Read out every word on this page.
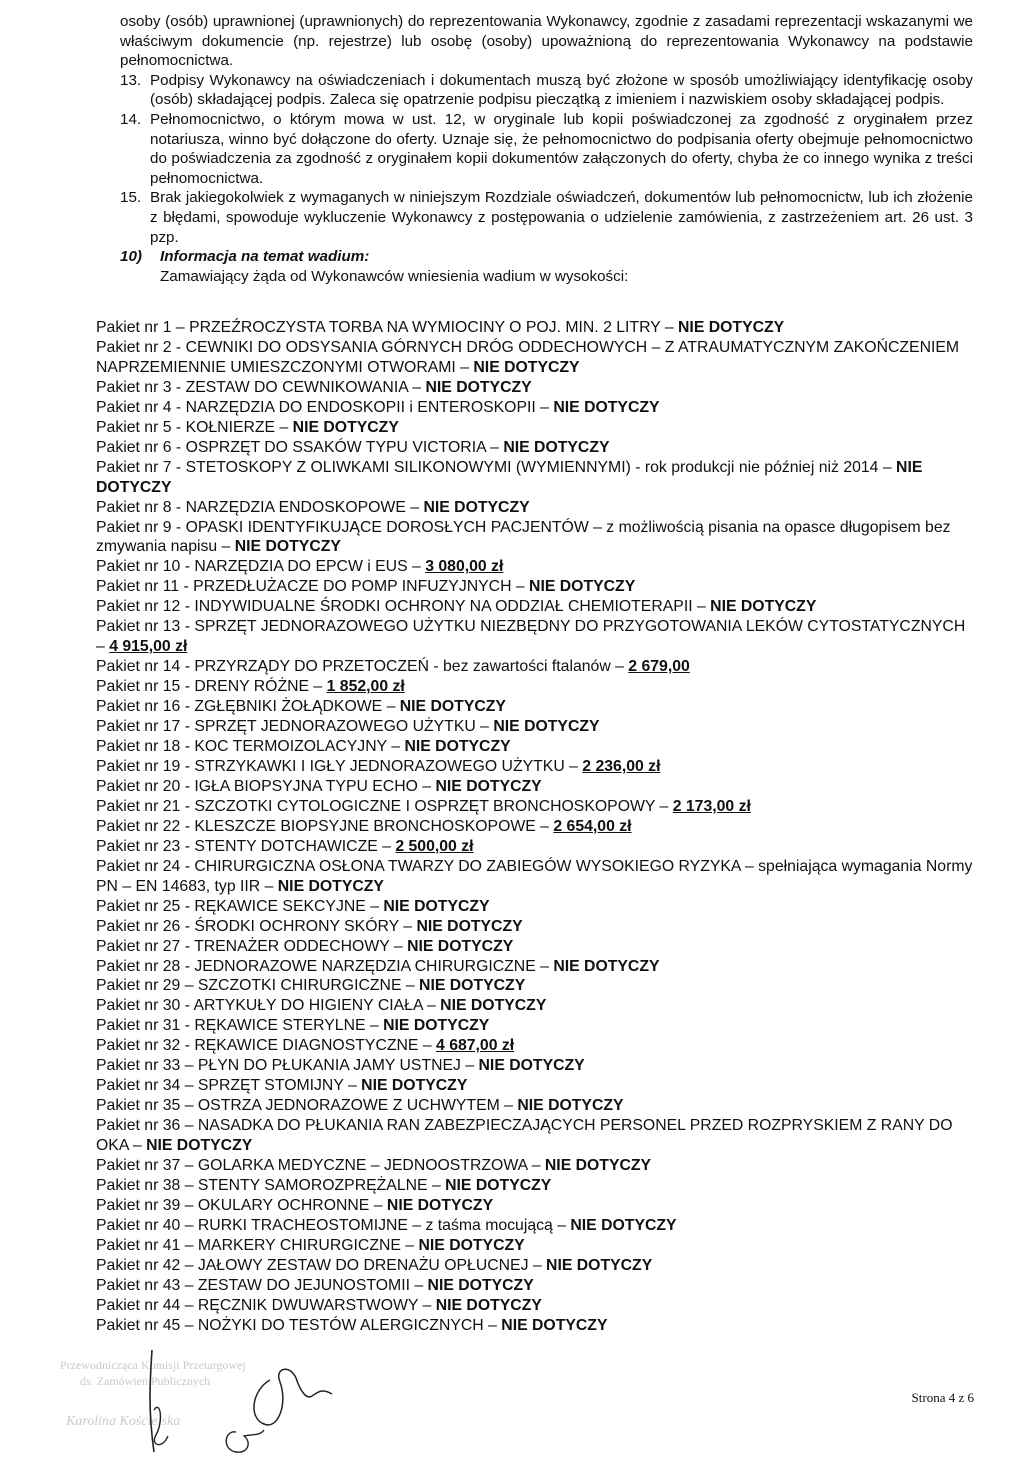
osoby (osób) uprawnionej (uprawnionych) do reprezentowania Wykonawcy, zgodnie z zasadami reprezentacji wskazanymi we właściwym dokumencie (np. rejestrze) lub osobę (osoby) upoważnioną do reprezentowania Wykonawcy na podstawie pełnomocnictwa.

13. Podpisy Wykonawcy na oświadczeniach i dokumentach muszą być złożone w sposób umożliwiający identyfikację osoby (osób) składającej podpis. Zaleca się opatrzenie podpisu pieczątką z imieniem i nazwiskiem osoby składającej podpis.
14. Pełnomocnictwo, o którym mowa w ust. 12, w oryginale lub kopii poświadczonej za zgodność z oryginałem przez notariusza, winno być dołączone do oferty. Uznaje się, że pełnomocnictwo do podpisania oferty obejmuje pełnomocnictwo do poświadczenia za zgodność z oryginałem kopii dokumentów załączonych do oferty, chyba że co innego wynika z treści pełnomocnictwa.
15. Brak jakiegokolwiek z wymaganych w niniejszym Rozdziale oświadczeń, dokumentów lub pełnomocnictw, lub ich złożenie z błędami, spowoduje wykluczenie Wykonawcy z postępowania o udzielenie zamówienia, z zastrzeżeniem art. 26 ust. 3 pzp.
10)	Informacja na temat wadium:

Zamawiający żąda od Wykonawców wniesienia wadium w wysokości:

Pakiet nr 1 – PRZEŹROCZYSTA TORBA NA WYMIOCINY O POJ. MIN. 2 LITRY – NIE DOTYCZY

Pakiet nr 2 - CEWNIKI DO ODSYSANIA GÓRNYCH DRÓG ODDECHOWYCH – Z ATRAUMATYCZNYM ZAKOŃCZENIEM NAPRZEMIENNIE UMIESZCZONYMI OTWORAMI – NIE DOTYCZY

Pakiet nr 3 - ZESTAW DO CEWNIKOWANIA – NIE DOTYCZY

Pakiet nr 4 - NARZĘDZIA DO ENDOSKOPII i ENTEROSKOPII – NIE DOTYCZY

Pakiet nr 5 - KOŁNIERZE – NIE DOTYCZY

Pakiet nr 6 - OSPRZĘT DO SSAKÓW TYPU VICTORIA – NIE DOTYCZY

Pakiet nr 7 - STETOSKOPY Z OLIWKAMI SILIKONOWYMI (WYMIENNYMI) - rok produkcji nie później niż 2014 – NIE DOTYCZY

Pakiet nr 8 - NARZĘDZIA ENDOSKOPOWE – NIE DOTYCZY

Pakiet nr 9 - OPASKI IDENTYFIKUJĄCE DOROSŁYCH PACJENTÓW – z możliwością pisania na opasce długopisem bez zmywania napisu – NIE DOTYCZY

Pakiet nr 10 - NARZĘDZIA DO EPCW i EUS – 3 080,00 zł

Pakiet nr 11 - PRZEDŁUŻACZE DO POMP INFUZYJNYCH – NIE DOTYCZY

Pakiet nr 12 - INDYWIDUALNE ŚRODKI OCHRONY NA ODDZIAŁ CHEMIOTERAPII – NIE DOTYCZY

Pakiet nr 13 - SPRZĘT JEDNORAZOWEGO UŻYTKU NIEZBĘDNY DO PRZYGOTOWANIA LEKÓW CYTOSTATYCZNYCH – 4 915,00 zł

Pakiet nr 14 - PRZYRZĄDY DO PRZETOCZEŃ - bez zawartości ftalanów – 2 679,00

Pakiet nr 15 - DRENY RÓŻNE – 1 852,00 zł

Pakiet nr 16 - ZGŁĘBNIKI ŻOŁĄDKOWE – NIE DOTYCZY

Pakiet nr 17 - SPRZĘT JEDNORAZOWEGO UŻYTKU – NIE DOTYCZY

Pakiet nr 18 - KOC TERMOIZOLACYJNY – NIE DOTYCZY

Pakiet nr 19 - STRZYKAWKI I IGŁY JEDNORAZOWEGO UŻYTKU – 2 236,00 zł

Pakiet nr 20 - IGŁA BIOPSYJNA TYPU ECHO – NIE DOTYCZY

Pakiet nr 21 - SZCZOTKI CYTOLOGICZNE I OSPRZĘT BRONCHOSKOPOWY – 2 173,00 zł

Pakiet nr 22 - KLESZCZE BIOPSYJNE BRONCHOSKOPOWE – 2 654,00 zł

Pakiet nr 23 - STENTY DOTCHAWICZE – 2 500,00 zł

Pakiet nr 24 - CHIRURGICZNA OSŁONA TWARZY DO ZABIEGÓW WYSOKIEGO RYZYKA – spełniająca wymagania Normy PN – EN 14683, typ IIR – NIE DOTYCZY

Pakiet nr 25 - RĘKAWICE SEKCYJNE – NIE DOTYCZY

Pakiet nr 26 - ŚRODKI OCHRONY SKÓRY – NIE DOTYCZY

Pakiet nr 27 - TRENAŻER ODDECHOWY – NIE DOTYCZY

Pakiet nr 28 - JEDNORAZOWE NARZĘDZIA CHIRURGICZNE – NIE DOTYCZY

Pakiet nr 29 – SZCZOTKI CHIRURGICZNE – NIE DOTYCZY

Pakiet nr 30 - ARTYKUŁY DO HIGIENY CIAŁA – NIE DOTYCZY

Pakiet nr 31 - RĘKAWICE STERYLNE – NIE DOTYCZY

Pakiet nr 32 - RĘKAWICE DIAGNOSTYCZNE – 4 687,00 zł

Pakiet nr 33 – PŁYN DO PŁUKANIA JAMY USTNEJ – NIE DOTYCZY

Pakiet nr 34 – SPRZĘT STOMIJNY – NIE DOTYCZY

Pakiet nr 35 – OSTRZA JEDNORAZOWE Z UCHWYTEM – NIE DOTYCZY

Pakiet nr 36 – NASADKA DO PŁUKANIA RAN ZABEZPIECZAJĄCYCH PERSONEL PRZED ROZPRYSKIEM Z RANY DO OKA – NIE DOTYCZY

Pakiet nr 37 – GOLARKA MEDYCZNE – JEDNOOSTRZOWA – NIE DOTYCZY

Pakiet nr 38 – STENTY SAMOROZPRĘŻALNE – NIE DOTYCZY

Pakiet nr 39 – OKULARY OCHRONNE – NIE DOTYCZY

Pakiet nr 40 – RURKI TRACHEOSTOMIJNE – z taśma mocującą – NIE DOTYCZY

Pakiet nr 41 – MARKERY CHIRURGICZNE – NIE DOTYCZY

Pakiet nr 42 – JAŁOWY ZESTAW DO DRENAŻU OPŁUCNEJ – NIE DOTYCZY

Pakiet nr 43 – ZESTAW DO JEJUNOSTOMII – NIE DOTYCZY

Pakiet nr 44 – RĘCZNIK DWUWARSTWOWY – NIE DOTYCZY

Pakiet nr 45 – NOŻYKI DO TESTÓW ALERGICZNYCH – NIE DOTYCZY

Przewodnicząca Komisji Przetargowej
ds. Zamówień Publicznych
Karolina Kościelska
Strona 4 z 6
